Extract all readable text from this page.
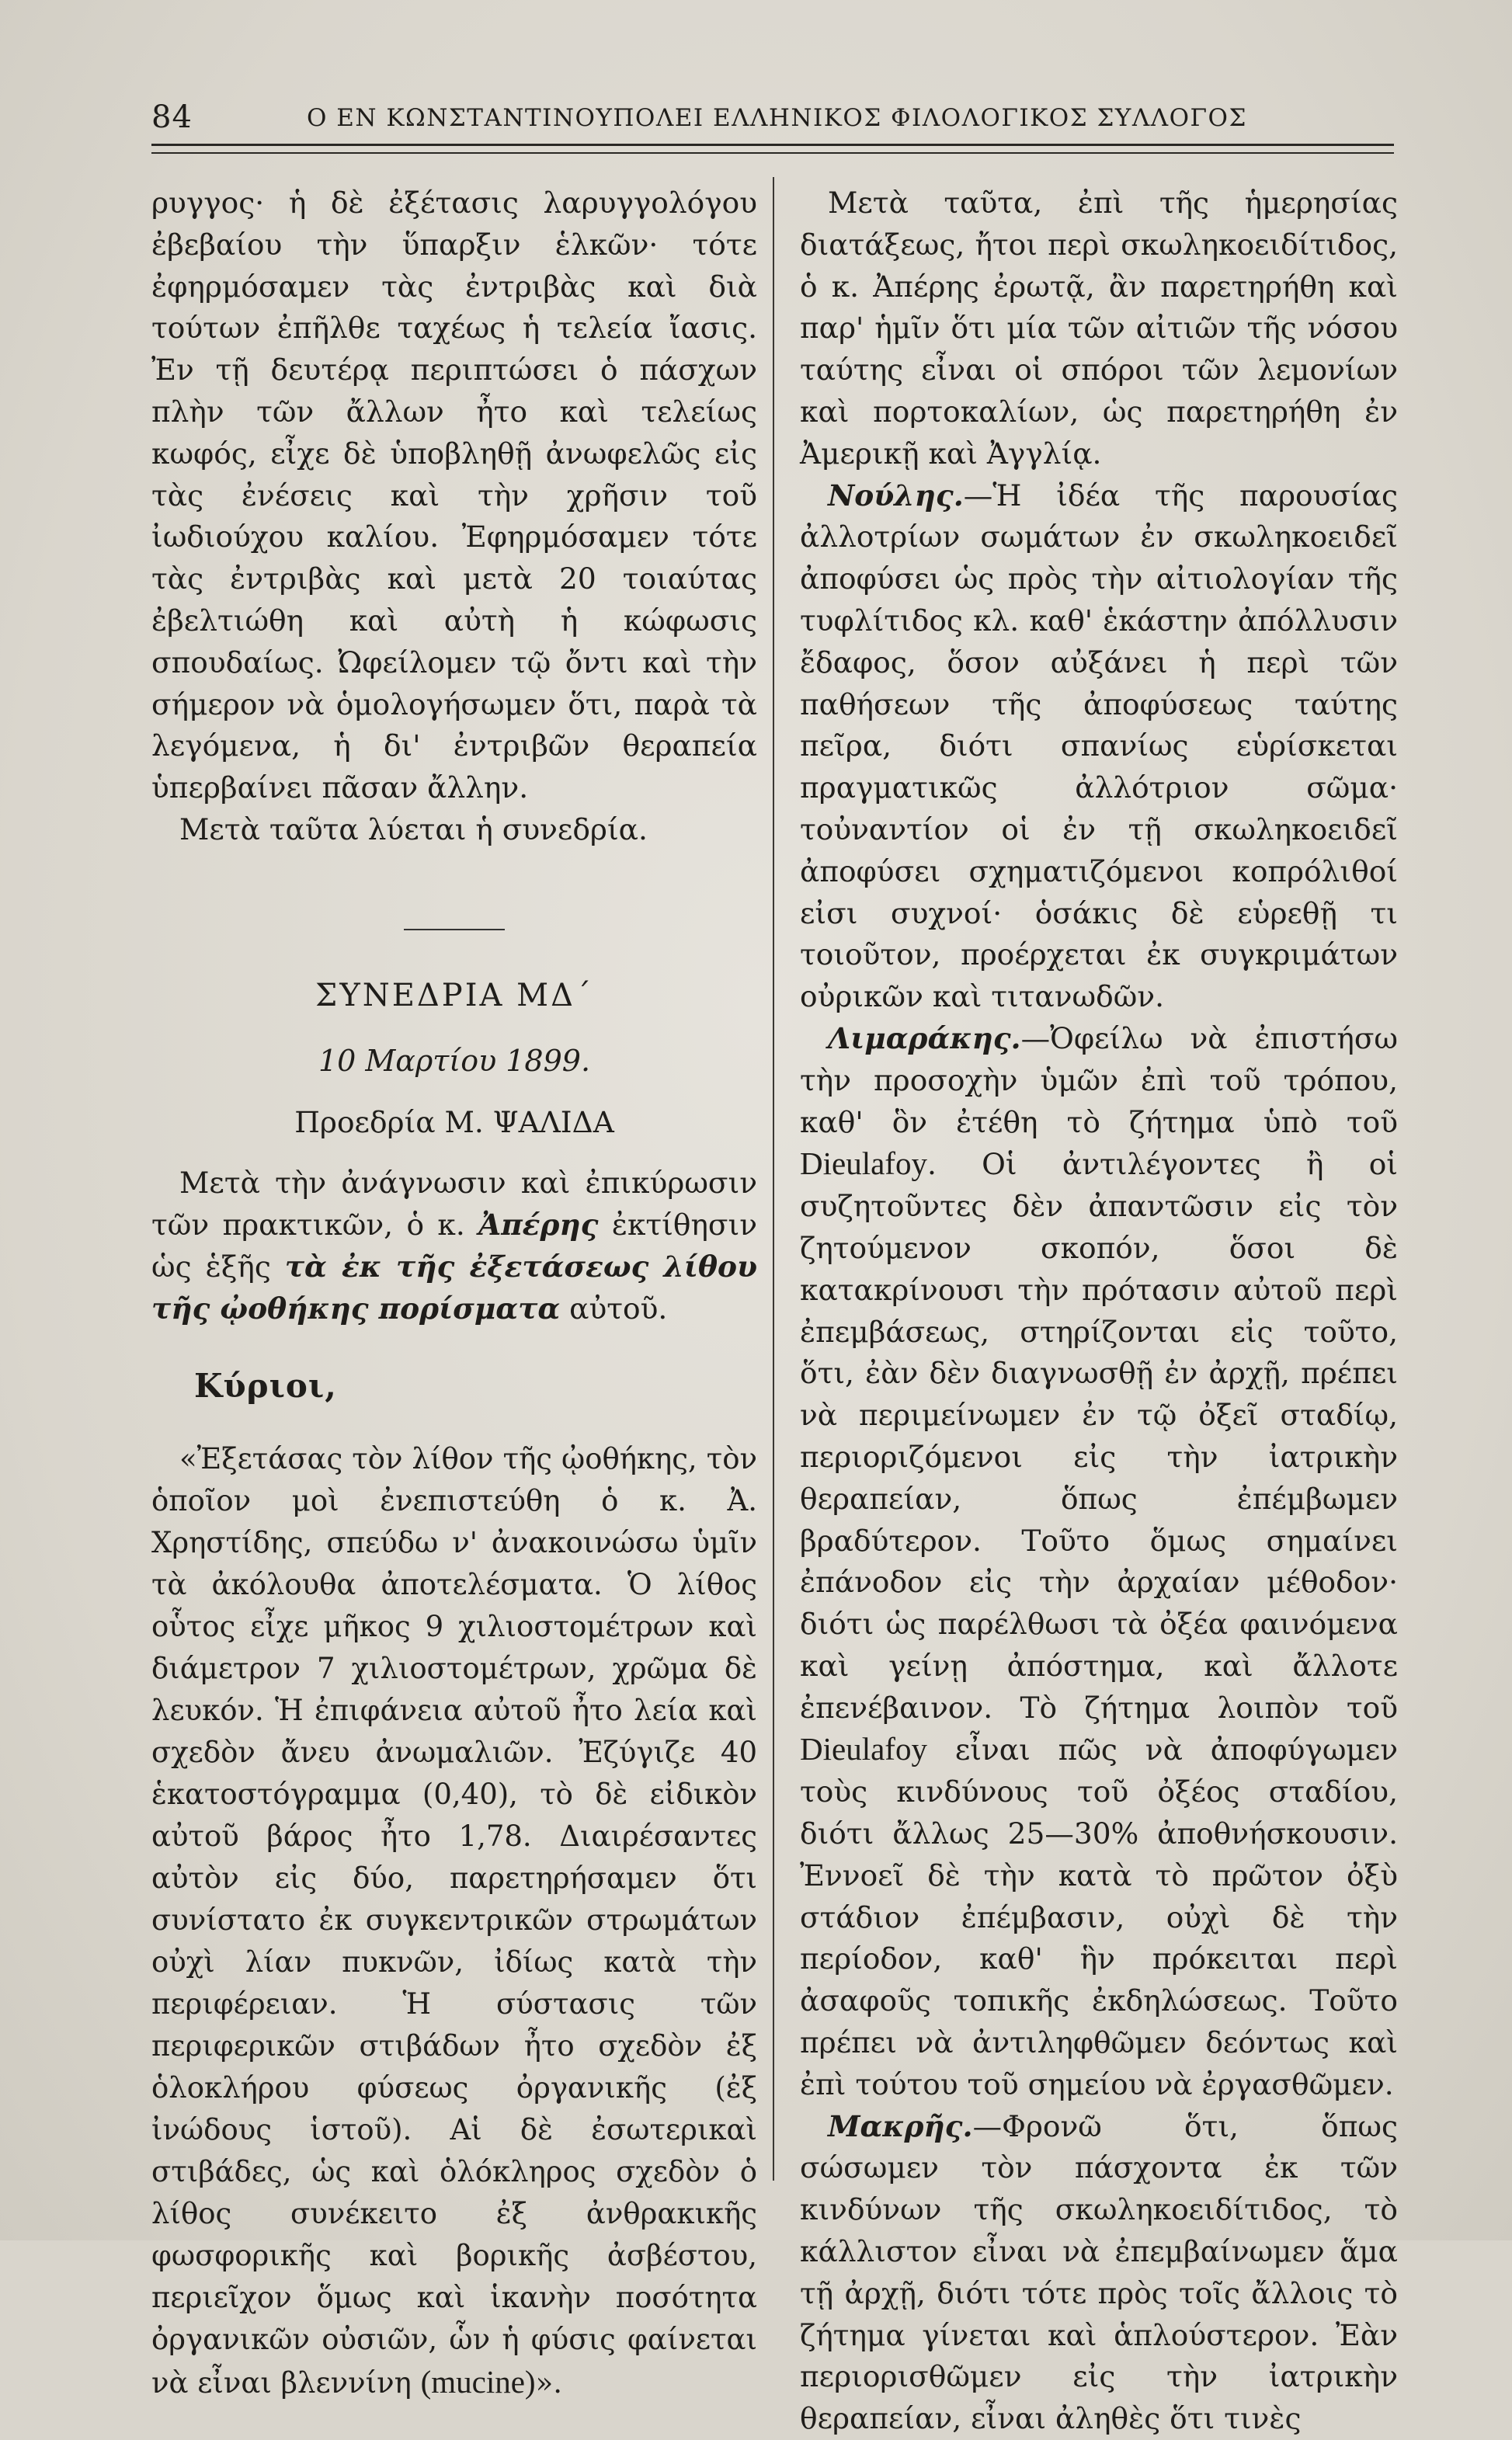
84	Ο ΕΝ ΚΩΝΣΤΑΝΤΙΝΟΥΠΟΛΕΙ ΕΛΛΗΝΙΚΟΣ ΦΙΛΟΛΟΓΙΚΟΣ ΣΥΛΛΟΓΟΣ

ρυγγος· ἡ δὲ ἐξέτασις λαρυγγολόγου ἐβεβαίου τὴν ὕπαρξιν ἑλκῶν· τότε ἐφηρμόσαμεν τὰς ἐντριβὰς καὶ διὰ τούτων ἐπῆλθε ταχέως ἡ τελεία ἴασις. Ἐν τῇ δευτέρᾳ περιπτώσει ὁ πάσχων πλὴν τῶν ἄλλων ἦτο καὶ τελείως κωφός, εἶχε δὲ ὑποβληθῇ ἀνωφελῶς εἰς τὰς ἐνέσεις καὶ τὴν χρῆσιν τοῦ ἰωδιούχου καλίου. Ἐφηρμόσαμεν τότε τὰς ἐντριβὰς καὶ μετὰ 20 τοιαύτας ἐβελτιώθη καὶ αὐτὴ ἡ κώφωσις σπουδαίως. Ὠφείλομεν τῷ ὄντι καὶ τὴν σήμερον νὰ ὁμολογήσωμεν ὅτι, παρὰ τὰ λεγόμενα, ἡ δι' ἐντριβῶν θεραπεία ὑπερβαίνει πᾶσαν ἄλλην.

Μετὰ ταῦτα λύεται ἡ συνεδρία.

ΣΥΝΕΔΡΙΑ ΜΔ΄

10 Μαρτίου 1899.

Προεδρία Μ. ΨΑΛΙΔΑ

Μετὰ τὴν ἀνάγνωσιν καὶ ἐπικύρωσιν τῶν πρακτικῶν, ὁ κ. Ἀπέρης ἐκτίθησιν ὡς ἑξῆς τὰ ἐκ τῆς ἐξετάσεως λίθου τῆς ᾠοθήκης πορίσματα αὐτοῦ.

Κύριοι,

«Ἐξετάσας τὸν λίθον τῆς ᾠοθήκης, τὸν ὁποῖον μοὶ ἐνεπιστεύθη ὁ κ. Ἀ. Χρηστίδης, σπεύδω ν' ἀνακοινώσω ὑμῖν τὰ ἀκόλουθα ἀποτελέσματα. Ὁ λίθος οὗτος εἶχε μῆκος 9 χιλιοστομέτρων καὶ διάμετρον 7 χιλιοστομέτρων, χρῶμα δὲ λευκόν. Ἡ ἐπιφάνεια αὐτοῦ ἦτο λεία καὶ σχεδὸν ἄνευ ἀνωμαλιῶν. Ἐζύγιζε 40 ἑκατοστόγραμμα (0,40), τὸ δὲ εἰδικὸν αὐτοῦ βάρος ἦτο 1,78. Διαιρέσαντες αὐτὸν εἰς δύο, παρετηρήσαμεν ὅτι συνίστατο ἐκ συγκεντρικῶν στρωμάτων οὐχὶ λίαν πυκνῶν, ἰδίως κατὰ τὴν περιφέρειαν. Ἡ σύστασις τῶν περιφερικῶν στιβάδων ἦτο σχεδὸν ἐξ ὁλοκλήρου φύσεως ὀργανικῆς (ἐξ ἰνώδους ἱστοῦ). Αἱ δὲ ἐσωτερικαὶ στιβάδες, ὡς καὶ ὁλόκληρος σχεδὸν ὁ λίθος συνέκειτο ἐξ ἀνθρακικῆς φωσφορικῆς καὶ βορικῆς ἀσβέστου, περιεῖχον ὅμως καὶ ἱκανὴν ποσότητα ὀργανικῶν οὐσιῶν, ὧν ἡ φύσις φαίνεται νὰ εἶναι βλεννίνη (mucine)».

Μετὰ ταῦτα, ἐπὶ τῆς ἡμερησίας διατάξεως, ἤτοι περὶ σκωληκοειδίτιδος, ὁ κ. Ἀπέρης ἐρωτᾷ, ἂν παρετηρήθη καὶ παρ' ἡμῖν ὅτι μία τῶν αἰτιῶν τῆς νόσου ταύτης εἶναι οἱ σπόροι τῶν λεμονίων καὶ πορτοκαλίων, ὡς παρετηρήθη ἐν Ἀμερικῇ καὶ Ἀγγλίᾳ.

Νούλης.—Ἡ ἰδέα τῆς παρουσίας ἀλλοτρίων σωμάτων ἐν σκωληκοειδεῖ ἀποφύσει ὡς πρὸς τὴν αἰτιολογίαν τῆς τυφλίτιδος κλ. καθ' ἑκάστην ἀπόλλυσιν ἔδαφος, ὅσον αὐξάνει ἡ περὶ τῶν παθήσεων τῆς ἀποφύσεως ταύτης πεῖρα, διότι σπανίως εὑρίσκεται πραγματικῶς ἀλλότριον σῶμα· τοὐναντίον οἱ ἐν τῇ σκωληκοειδεῖ ἀποφύσει σχηματιζόμενοι κοπρόλιθοί εἰσι συχνοί· ὁσάκις δὲ εὑρεθῇ τι τοιοῦτον, προέρχεται ἐκ συγκριμάτων οὐρικῶν καὶ τιτανωδῶν.

Λιμαράκης.—Ὀφείλω νὰ ἐπιστήσω τὴν προσοχὴν ὑμῶν ἐπὶ τοῦ τρόπου, καθ' ὃν ἐτέθη τὸ ζήτημα ὑπὸ τοῦ Dieulafoy. Οἱ ἀντιλέγοντες ἢ οἱ συζητοῦντες δὲν ἀπαντῶσιν εἰς τὸν ζητούμενον σκοπόν, ὅσοι δὲ κατακρίνουσι τὴν πρότασιν αὐτοῦ περὶ ἐπεμβάσεως, στηρίζονται εἰς τοῦτο, ὅτι, ἐὰν δὲν διαγνωσθῇ ἐν ἀρχῇ, πρέπει νὰ περιμείνωμεν ἐν τῷ ὀξεῖ σταδίῳ, περιοριζόμενοι εἰς τὴν ἰατρικὴν θεραπείαν, ὅπως ἐπέμβωμεν βραδύτερον. Τοῦτο ὅμως σημαίνει ἐπάνοδον εἰς τὴν ἀρχαίαν μέθοδον· διότι ὡς παρέλθωσι τὰ ὀξέα φαινόμενα καὶ γείνῃ ἀπόστημα, καὶ ἄλλοτε ἐπενέβαινον. Τὸ ζήτημα λοιπὸν τοῦ Dieulafoy εἶναι πῶς νὰ ἀποφύγωμεν τοὺς κινδύνους τοῦ ὀξέος σταδίου, διότι ἄλλως 25—30% ἀποθνήσκουσιν. Ἐννοεῖ δὲ τὴν κατὰ τὸ πρῶτον ὀξὺ στάδιον ἐπέμβασιν, οὐχὶ δὲ τὴν περίοδον, καθ' ἣν πρόκειται περὶ ἀσαφοῦς τοπικῆς ἐκδηλώσεως. Τοῦτο πρέπει νὰ ἀντιληφθῶμεν δεόντως καὶ ἐπὶ τούτου τοῦ σημείου νὰ ἐργασθῶμεν.

Μακρῆς.—Φρονῶ ὅτι, ὅπως σώσωμεν τὸν πάσχοντα ἐκ τῶν κινδύνων τῆς σκωληκοειδίτιδος, τὸ κάλλιστον εἶναι νὰ ἐπεμβαίνωμεν ἅμα τῇ ἀρχῇ, διότι τότε πρὸς τοῖς ἄλλοις τὸ ζήτημα γίνεται καὶ ἁπλούστερον. Ἐὰν περιορισθῶμεν εἰς τὴν ἰατρικὴν θεραπείαν, εἶναι ἀληθὲς ὅτι τινὲς
